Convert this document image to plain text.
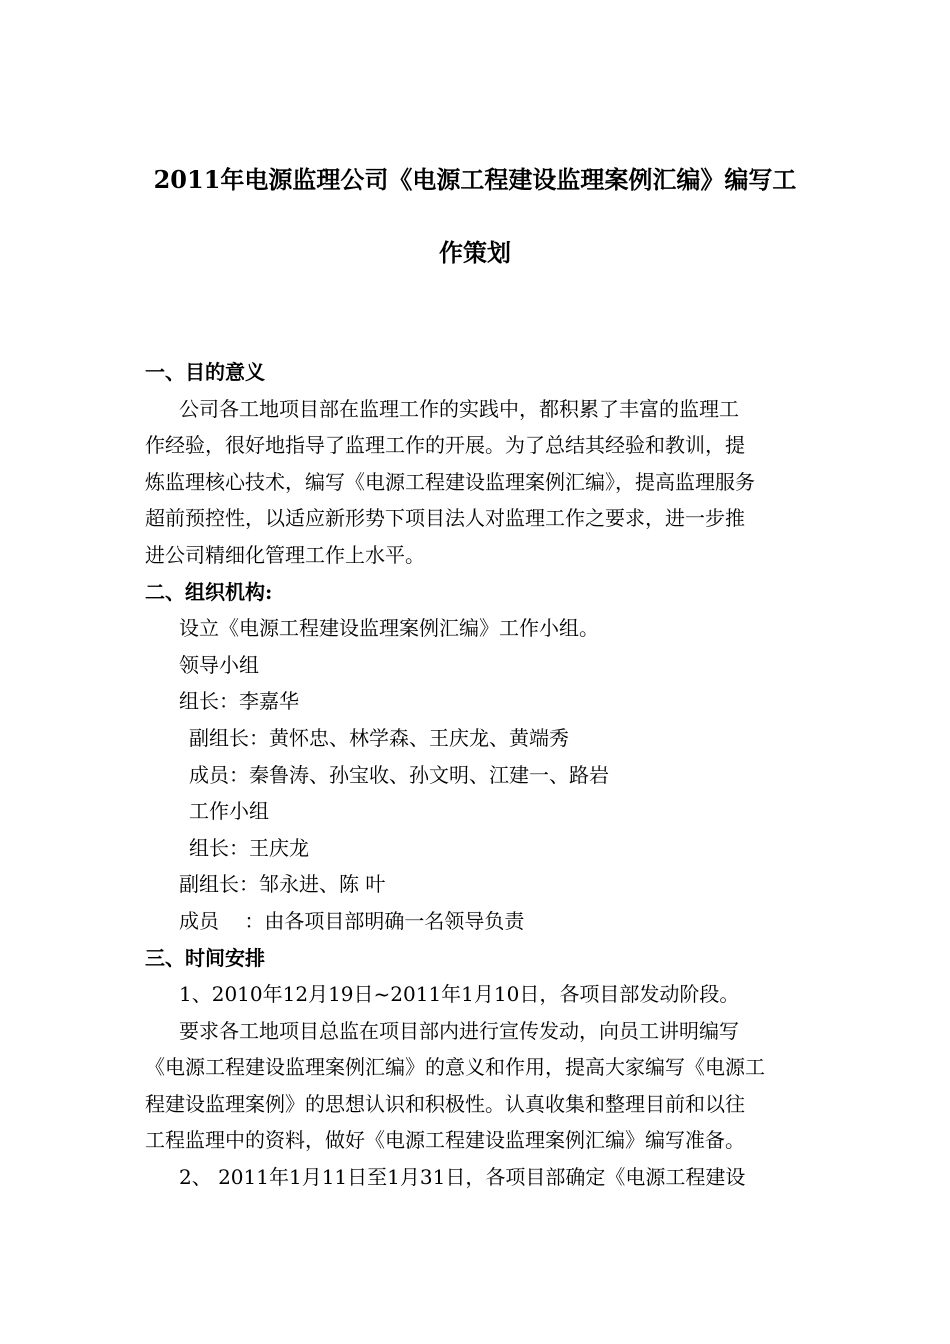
2011年电源监理公司《电源工程建设监理案例汇编》编写工
作策划
一、目的意义
公司各工地项目部在监理工作的实践中，都积累了丰富的监理工
作经验，很好地指导了监理工作的开展。为了总结其经验和教训，提
炼监理核心技术，编写《电源工程建设监理案例汇编》，提高监理服务
超前预控性，以适应新形势下项目法人对监理工作之要求，进一步推
进公司精细化管理工作上水平。
二、组织机构:
设立《电源工程建设监理案例汇编》工作小组。
领导小组
组长：李嘉华
副组长：黄怀忠、林学森、王庆龙、黄端秀
成员：秦鲁涛、孙宝收、孙文明、江建一、路岩
工作小组
组长：王庆龙
副组长：邹永进、陈 叶
成员    ：由各项目部明确一名领导负责
三、时间安排
1、2010年12月19日~2011年1月10日，各项目部发动阶段。
要求各工地项目总监在项目部内进行宣传发动，向员工讲明编写
《电源工程建设监理案例汇编》的意义和作用，提高大家编写《电源工
程建设监理案例》的思想认识和积极性。认真收集和整理目前和以往
工程监理中的资料，做好《电源工程建设监理案例汇编》编写准备。
2、 2011年1月11日至1月31日，各项目部确定《电源工程建设
